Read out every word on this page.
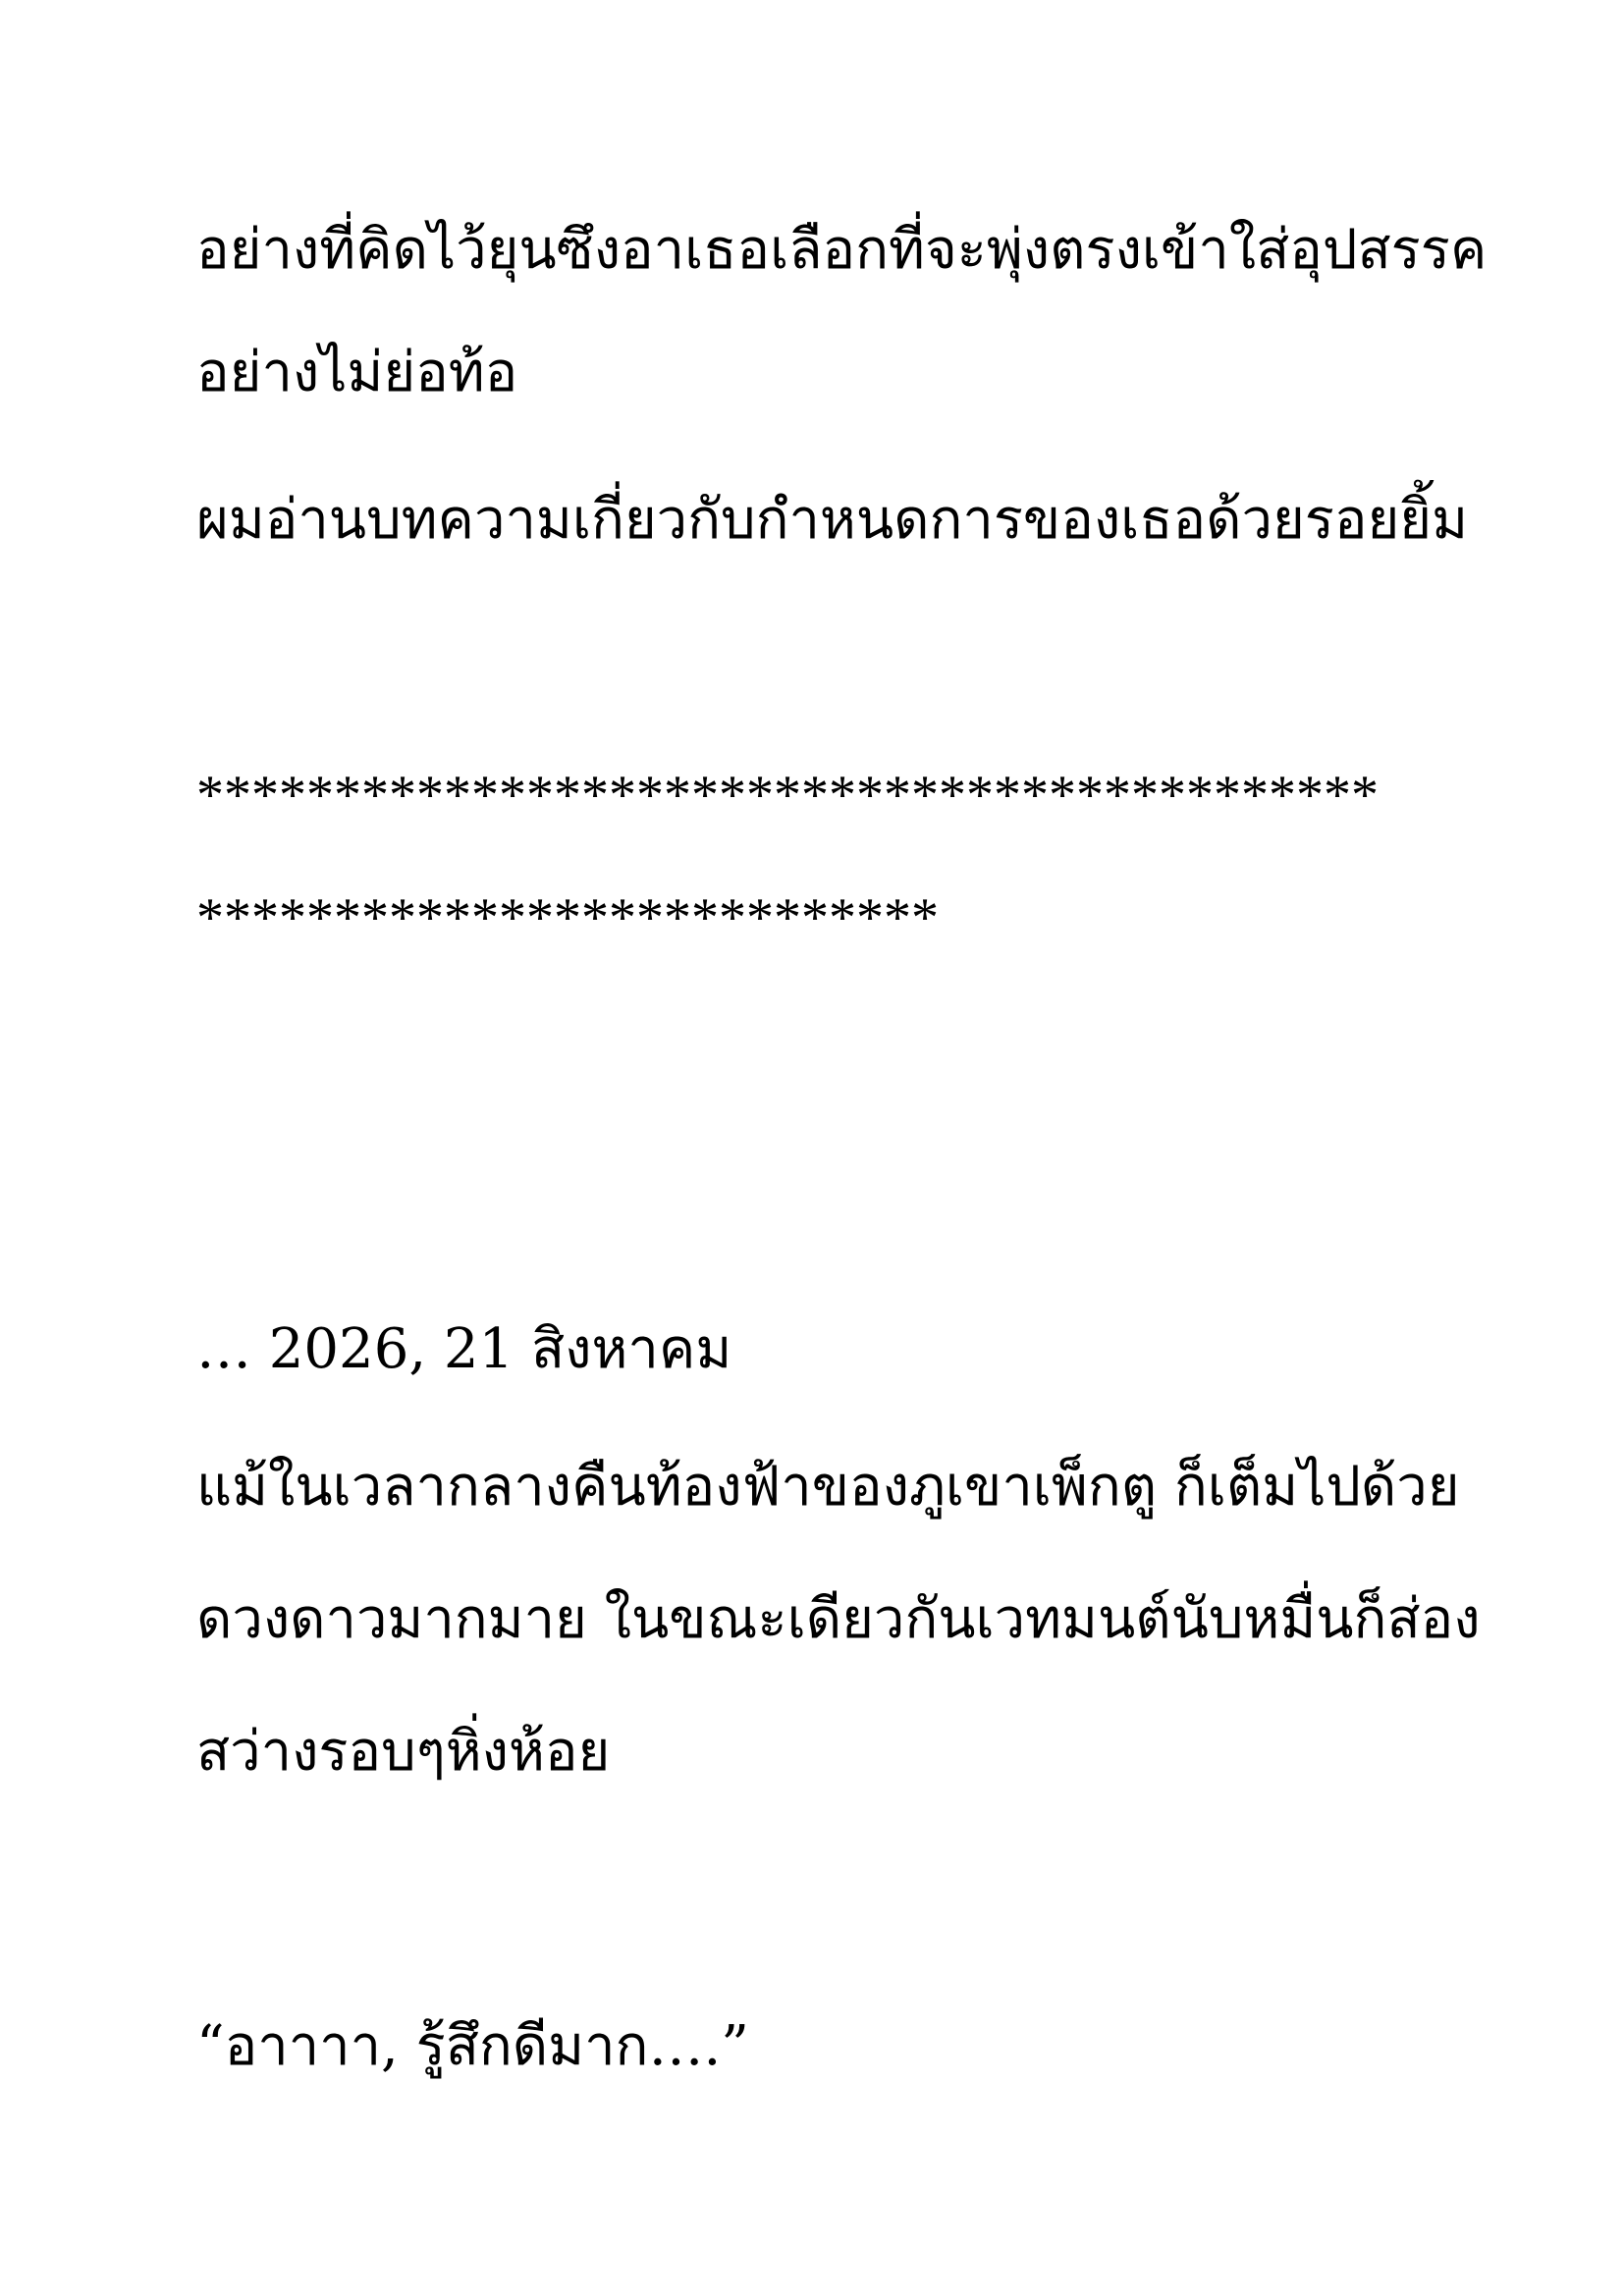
อย่างที่คิดไว้ยุนซึงอาเธอเลือกที่จะพุ่งตรงเข้าใส่อุปสรรค
อย่างไม่ย่อท้อ
ผมอ่านบทความเกี่ยวกับกำหนดการของเธอด้วยรอยยิ้ม
*******************************************
***************************
… 2026, 21 สิงหาคม
แม้ในเวลากลางคืนท้องฟ้าของภูเขาเพ็กตู ก็เต็มไปด้วย
ดวงดาวมากมาย ในขณะเดียวกันเวทมนต์นับหมื่นก็ส่อง
สว่างรอบๆหิ่งห้อย
“อาาาา, รู้สึกดีมาก….”
